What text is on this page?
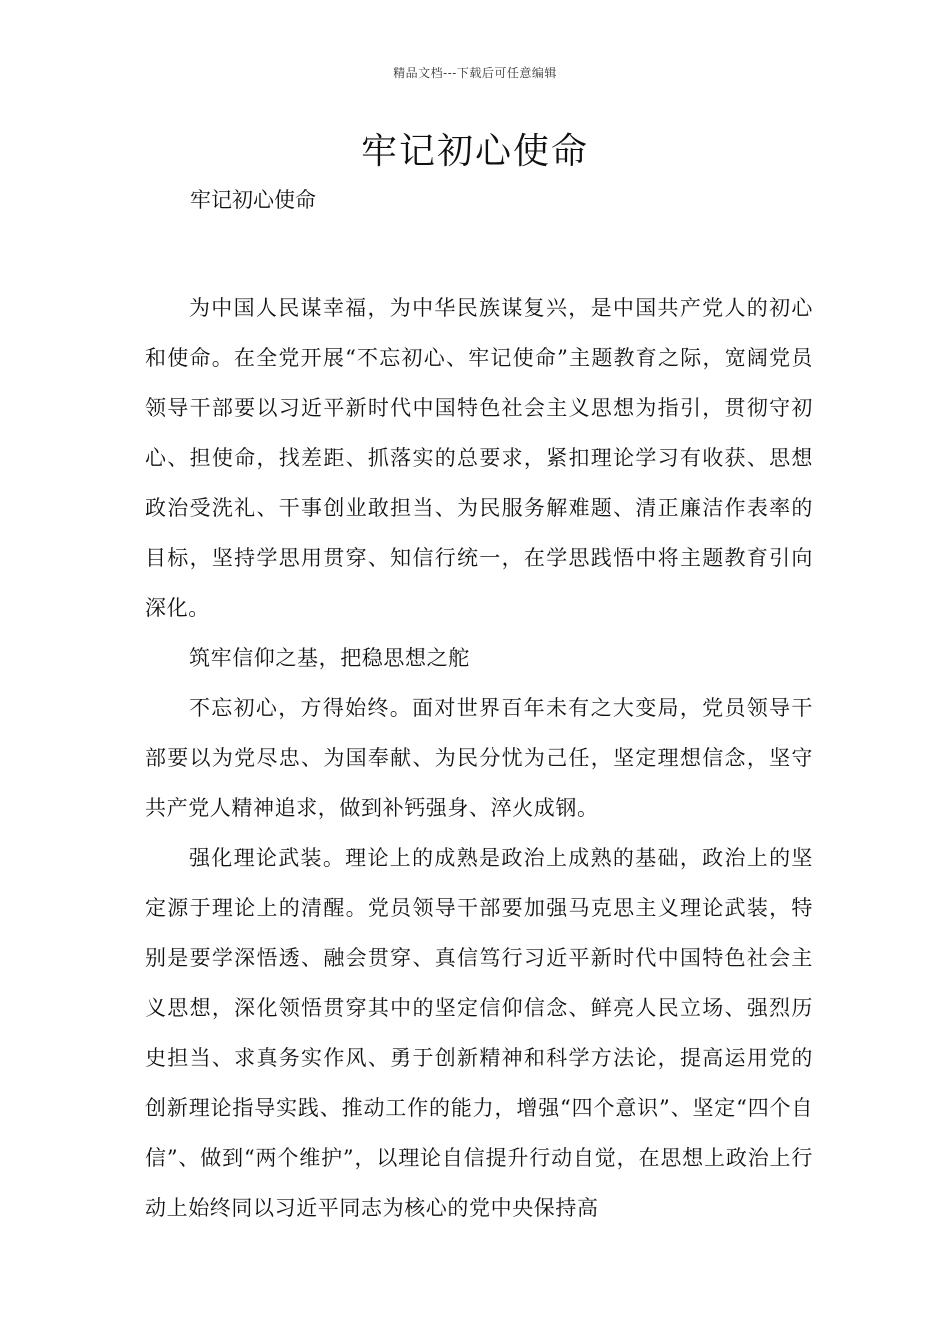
精品文档---下载后可任意编辑
牢记初心使命
牢记初心使命

为中国人民谋幸福，为中华民族谋复兴，是中国共产党人的初心和使命。在全党开展“不忘初心、牢记使命”主题教育之际，宽阔党员领导干部要以习近平新时代中国特色社会主义思想为指引，贯彻守初心、担使命，找差距、抓落实的总要求，紧扣理论学习有收获、思想政治受洗礼、干事创业敢担当、为民服务解难题、清正廉洁作表率的目标，坚持学思用贯穿、知信行统一，在学思践悟中将主题教育引向深化。

筑牢信仰之基，把稳思想之舵

不忘初心，方得始终。面对世界百年未有之大变局，党员领导干部要以为党尽忠、为国奉献、为民分忧为己任，坚定理想信念，坚守共产党人精神追求，做到补钙强身、淬火成钢。

强化理论武装。理论上的成熟是政治上成熟的基础，政治上的坚定源于理论上的清醒。党员领导干部要加强马克思主义理论武装，特别是要学深悟透、融会贯穿、真信笃行习近平新时代中国特色社会主义思想，深化领悟贯穿其中的坚定信仰信念、鲜亮人民立场、强烈历史担当、求真务实作风、勇于创新精神和科学方法论，提高运用党的创新理论指导实践、推动工作的能力，增强“四个意识”、坚定“四个自信”、做到“两个维护”，以理论自信提升行动自觉，在思想上政治上行动上始终同以习近平同志为核心的党中央保持高
